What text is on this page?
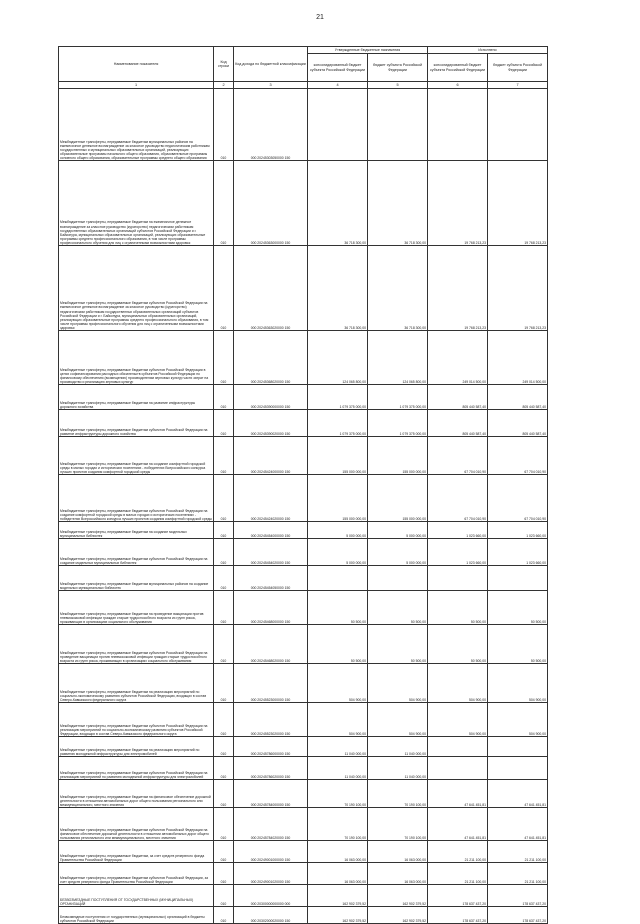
21
Наименование показателя	Код строки	Код дохода по бюджетной классификации	Утвержденные бюджетные назначения		Исполнено	
			консолидированный бюджет субъекта Российской Федерации	бюджет субъекта Российской Федерации	консолидированный бюджет субъекта Российской Федерации	бюджет субъекта Российской Федерации
1	2	3	4	5	6	7
Межбюджетные трансферты, передаваемые бюджетам муниципальных районов на ежемесячное денежное вознаграждение за классное руководство педагогическим работникам государственных и муниципальных образовательных организаций, реализующих образовательные программы начального общего образования, образовательные программы основного общего образования, образовательные программы среднего общего образования	010	000 20245303050000 150				
Межбюджетные трансферты, передаваемые бюджетам на ежемесячное денежное вознаграждение за классное руководство (кураторство) педагогическим работникам государственных образовательных организаций субъектов Российской Федерации и г. Байконура, муниципальных образовательных организаций, реализующих образовательные программы среднего профессионального образования, в том числе программы профессионального обучения для лиц с ограниченными возможностями здоровья	010	000 20245363000000 150	36 718 300,00	36 718 300,00	19 768 213,23	19 768 213,23
Межбюджетные трансферты, передаваемые бюджетам субъектов Российской Федерации на ежемесячное денежное вознаграждение за классное руководство (кураторство) педагогическим работникам государственных образовательных организаций субъектов Российской Федерации и г. Байконура, муниципальных образовательных организаций, реализующих образовательные программы среднего профессионального образования, в том числе программы профессионального обучения для лиц с ограниченными возможностями здоровья	010	000 20245363020000 150	36 718 300,00	36 718 300,00	19 768 213,23	19 768 213,23
Межбюджетные трансферты, передаваемые бюджетам субъектов Российской Федерации в целях софинансирования расходных обязательств субъектов Российской Федерации по финансовому обеспечению (возмещению) производителям зерновых культур части затрат на производство и реализацию зерновых культур	010	000 20245368020000 150	124 065 800,00	124 065 800,00	249 014 500,00	249 014 500,00
Межбюджетные трансферты, передаваемые бюджетам на развитие инфраструктуры дорожного хозяйства	010	000 20245390000000 150	1 079 375 000,00	1 079 375 000,00	805 440 587,40	805 440 587,40
Межбюджетные трансферты, передаваемые бюджетам субъектов Российской Федерации на развитие инфраструктуры дорожного хозяйства	010	000 20245390020000 150	1 079 375 000,00	1 079 375 000,00	805 440 587,40	805 440 587,40
Межбюджетные трансферты, передаваемые бюджетам на создание комфортной городской среды в малых городах и исторических поселениях - победителях Всероссийского конкурса лучших проектов создания комфортной городской среды	010	000 20245424000000 150	155 000 000,00	155 000 000,00	67 704 010,90	67 704 010,90
Межбюджетные трансферты, передаваемые бюджетам субъектов Российской Федерации на создание комфортной городской среды в малых городах и исторических поселениях - победителях Всероссийского конкурса лучших проектов создания комфортной городской среды	010	000 20245424020000 150	155 000 000,00	155 000 000,00	67 704 010,90	67 704 010,90
Межбюджетные трансферты, передаваемые бюджетам на создание модельных муниципальных библиотек	010	000 20245454000000 150	5 000 000,00	5 000 000,00	1 023 660,00	1 023 660,00
Межбюджетные трансферты, передаваемые бюджетам субъектов Российской Федерации на создание модельных муниципальных библиотек	010	000 20245454020000 150	5 000 000,00	5 000 000,00	1 023 660,00	1 023 660,00
Межбюджетные трансферты, передаваемые бюджетам муниципальных районов на создание модельных муниципальных библиотек	010	000 20245454050000 150				
Межбюджетные трансферты, передаваемые бюджетам на проведение вакцинации против пневмококковой инфекции граждан старше трудоспособного возраста из групп риска, проживающих в организациях социального обслуживания	010	000 20245468000000 150	50 500,00	50 500,00	50 500,00	50 500,00
Межбюджетные трансферты, передаваемые бюджетам субъектов Российской Федерации на проведение вакцинации против пневмококковой инфекции граждан старше трудоспособного возраста из групп риска, проживающих в организациях социального обслуживания	010	000 20245468020000 150	50 500,00	50 500,00	50 500,00	50 500,00
Межбюджетные трансферты, передаваемые бюджетам на реализацию мероприятий по социально-экономическому развитию субъектов Российской Федерации, входящих в состав Северо-Кавказского федерального округа	010	000 20245523000000 150	504 900,00	504 900,00	504 900,00	504 900,00
Межбюджетные трансферты, передаваемые бюджетам субъектов Российской Федерации на реализацию мероприятий по социально-экономическому развитию субъектов Российской Федерации, входящих в состав Северо-Кавказского федерального округа	010	000 20245523020000 150	504 900,00	504 900,00	504 900,00	504 900,00
Межбюджетные трансферты, передаваемые бюджетам на реализацию мероприятий по развитию молодежной инфраструктуры для электромобилей	010	000 20245786000000 150	11 040 000,00	11 040 000,00		
Межбюджетные трансферты, передаваемые бюджетам субъектов Российской Федерации на реализацию мероприятий по развитию молодежной инфраструктуры для электромобилей	010	000 20245786020000 150	11 040 000,00	11 040 000,00		
Межбюджетные трансферты, передаваемые бюджетам на финансовое обеспечение дорожной деятельности в отношении автомобильных дорог общего пользования регионального или межмуниципального, местного значения	010	000 20245784000000 150	70 190 100,00	70 190 100,00	47 641 451,81	47 641 451,81
Межбюджетные трансферты, передаваемые бюджетам субъектов Российской Федерации на финансовое обеспечение дорожной деятельности в отношении автомобильных дорог общего пользования регионального или межмуниципального, местного значения	010	000 20245784020000 150	70 190 100,00	70 190 100,00	47 641 451,81	47 641 451,81
Межбюджетные трансферты, передаваемые бюджетам, за счет средств резервного фонда Правительства Российской Федерации	010	000 20249001000000 150	16 063 000,00	16 063 000,00	21 211 100,00	21 211 100,00
Межбюджетные трансферты, передаваемые бюджетам субъектов Российской Федерации, за счет средств резервного фонда Правительства Российской Федерации	010	000 20249001020000 150	16 063 000,00	16 063 000,00	21 211 100,00	21 211 100,00
БЕЗВОЗМЕЗДНЫЕ ПОСТУПЛЕНИЯ ОТ ГОСУДАРСТВЕННЫХ (МУНИЦИПАЛЬНЫХ) ОРГАНИЗАЦИЙ	010	000 20300000000000 000	162 902 379,52	162 902 379,52	178 637 437,20	178 637 437,20
Безвозмездные поступления от государственных (муниципальных) организаций в бюджеты субъектов Российской Федерации	010	000 20302000020000 150	162 902 379,52	162 902 379,52	178 637 437,20	178 637 437,20
